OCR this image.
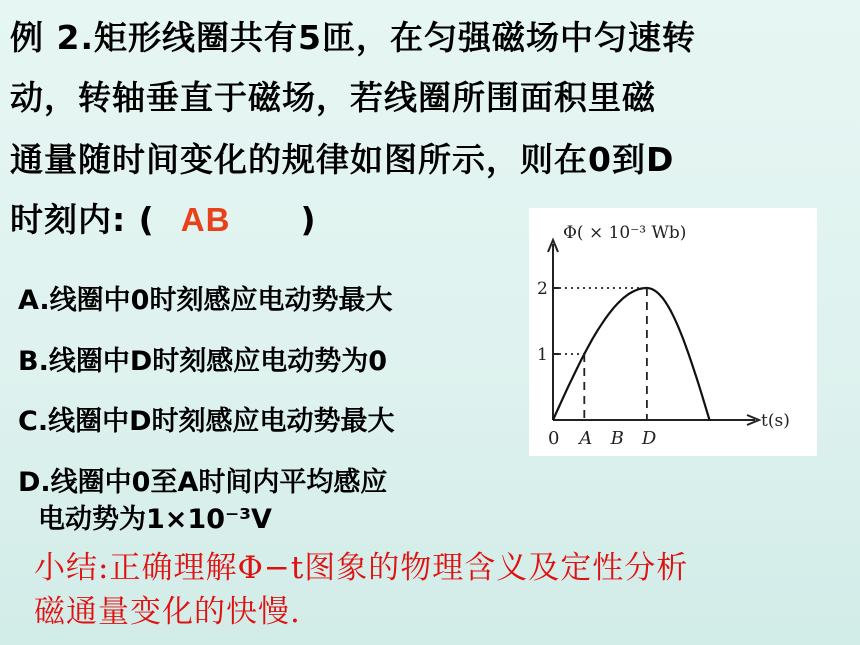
例 2.矩形线圈共有5匝，在匀强磁场中匀速转
动，转轴垂直于磁场，若线圈所围面积里磁
通量随时间变化的规律如图所示，则在0到D
时刻内: ( AB )
A.线圈中0时刻感应电动势最大
B.线圈中D时刻感应电动势为0
C.线圈中D时刻感应电动势最大
D.线圈中0至A时间内平均感应
电动势为1×10⁻³V
Φ( × 10⁻³ Wb)
t(s)
2
1
0 A B D
小结:正确理解Φ−t图象的物理含义及定性分析
磁通量变化的快慢.
